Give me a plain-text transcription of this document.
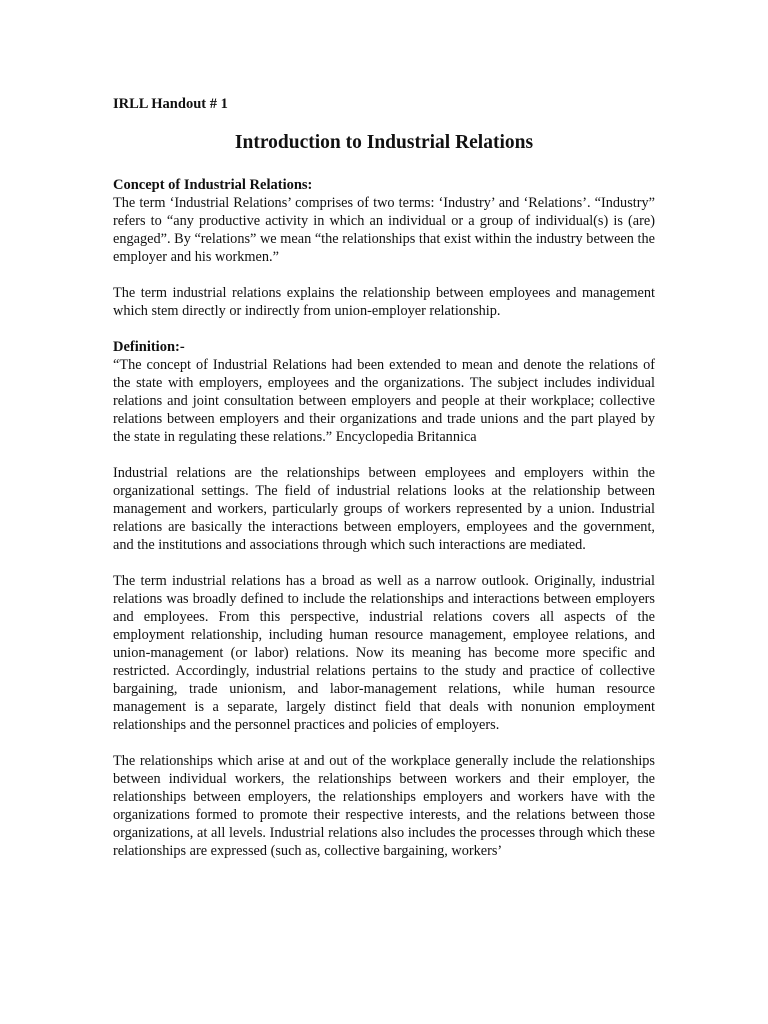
IRLL Handout # 1
Introduction to Industrial Relations
Concept of Industrial Relations:

The term ‘Industrial Relations’ comprises of two terms: ‘Industry’ and ‘Relations’. “Industry” refers to “any productive activity in which an individual or a group of individual(s) is (are) engaged”. By “relations” we mean “the relationships that exist within the industry between the employer and his workmen.”

The term industrial relations explains the relationship between employees and management which stem directly or indirectly from union-employer relationship.

Definition:-

“The concept of Industrial Relations had been extended to mean and denote the relations of the state with employers, employees and the organizations. The subject includes individual relations and joint consultation between employers and people at their workplace; collective relations between employers and their organizations and trade unions and the part played by the state in regulating these relations.” Encyclopedia Britannica

Industrial relations are the relationships between employees and employers within the organizational settings. The field of industrial relations looks at the relationship between management and workers, particularly groups of workers represented by a union. Industrial relations are basically the interactions between employers, employees and the government, and the institutions and associations through which such interactions are mediated.

The term industrial relations has a broad as well as a narrow outlook. Originally, industrial relations was broadly defined to include the relationships and interactions between employers and employees. From this perspective, industrial relations covers all aspects of the employment relationship, including human resource management, employee relations, and union-management (or labor) relations. Now its meaning has become more specific and restricted. Accordingly, industrial relations pertains to the study and practice of collective bargaining, trade unionism, and labor-management relations, while human resource management is a separate, largely distinct field that deals with nonunion employment relationships and the personnel practices and policies of employers.

The relationships which arise at and out of the workplace generally include the relationships between individual workers, the relationships between workers and their employer, the relationships between employers, the relationships employers and workers have with the organizations formed to promote their respective interests, and the relations between those organizations, at all levels. Industrial relations also includes the processes through which these relationships are expressed (such as, collective bargaining, workers’
